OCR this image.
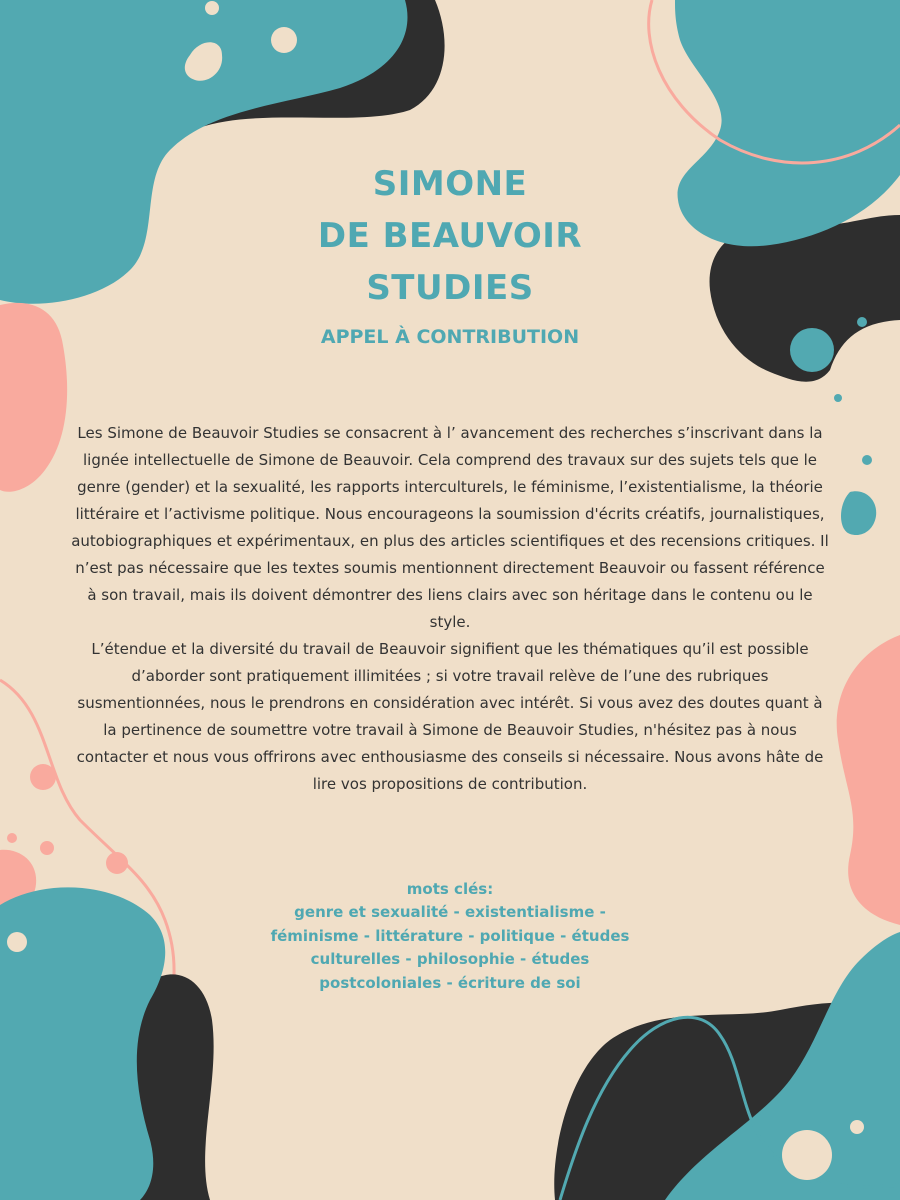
SIMONE

DE BEAUVOIR

STUDIES

APPEL À CONTRIBUTION

Les Simone de Beauvoir Studies se consacrent à l’ avancement des recherches s’inscrivant dans la lignée intellectuelle de Simone de Beauvoir. Cela comprend des travaux sur des sujets tels que le genre (gender) et la sexualité, les rapports interculturels, le féminisme, l’existentialisme, la théorie littéraire et l’activisme politique. Nous encourageons la soumission d'écrits créatifs, journalistiques, autobiographiques et expérimentaux, en plus des articles scientifiques et des recensions critiques. Il n’est pas nécessaire que les textes soumis mentionnent directement Beauvoir ou fassent référence à son travail, mais ils doivent démontrer des liens clairs avec son héritage dans le contenu ou le style.

L’étendue et la diversité du travail de Beauvoir signifient que les thématiques qu’il est possible d’aborder sont pratiquement illimitées ; si votre travail relève de l’une des rubriques susmentionnées, nous le prendrons en considération avec intérêt. Si vous avez des doutes quant à la pertinence de soumettre votre travail à Simone de Beauvoir Studies, n'hésitez pas à nous contacter et nous vous offrirons avec enthousiasme des conseils si nécessaire. Nous avons hâte de lire vos propositions de contribution.

mots clés:

genre et sexualité - existentialisme - féminisme - littérature - politique - études culturelles - philosophie - études postcoloniales - écriture de soi
